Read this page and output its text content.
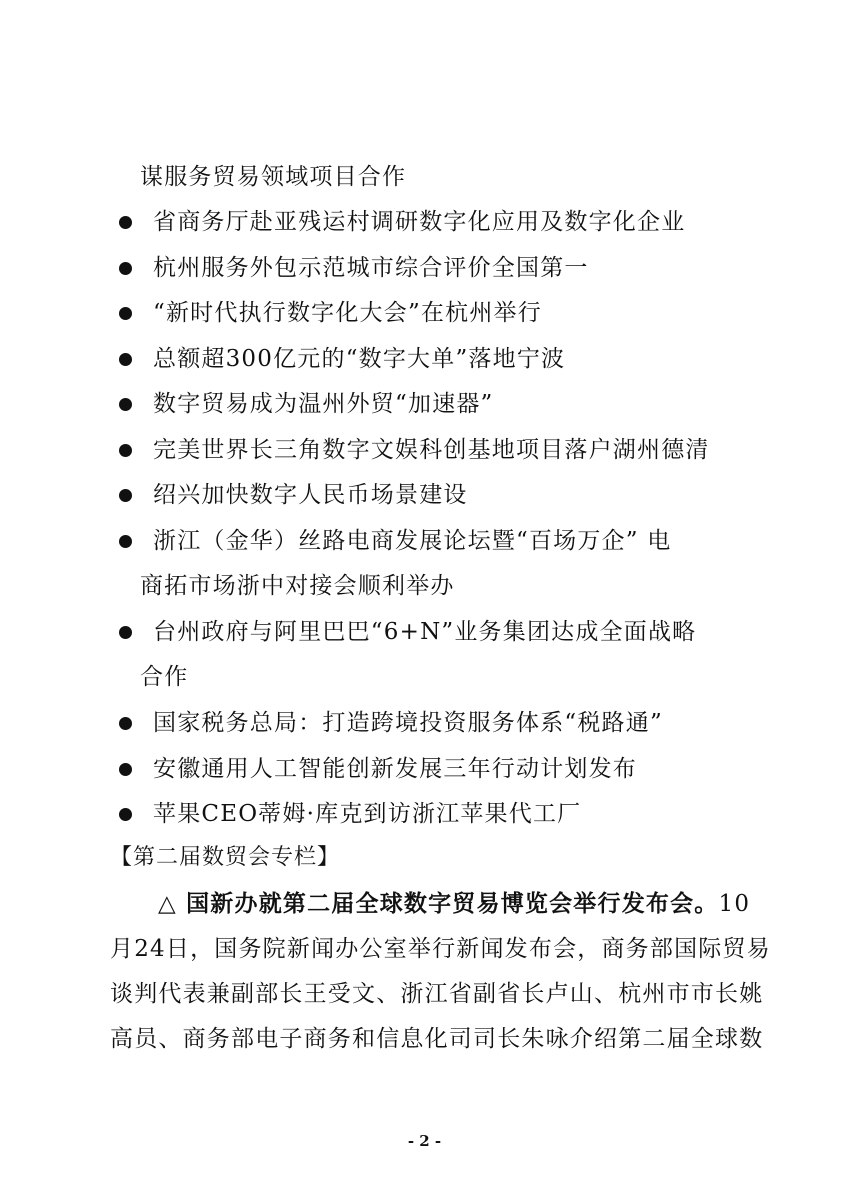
谋服务贸易领域项目合作
省商务厅赴亚残运村调研数字化应用及数字化企业
杭州服务外包示范城市综合评价全国第一
“新时代执行数字化大会”在杭州举行
总额超300亿元的“数字大单”落地宁波
数字贸易成为温州外贸“加速器”
完美世界长三角数字文娱科创基地项目落户湖州德清
绍兴加快数字人民币场景建设
浙江（金华）丝路电商发展论坛暨“百场万企” 电
商拓市场浙中对接会顺利举办
台州政府与阿里巴巴“6+N”业务集团达成全面战略
合作
国家税务总局：打造跨境投资服务体系“税路通”
安徽通用人工智能创新发展三年行动计划发布
苹果CEO蒂姆·库克到访浙江苹果代工厂
【第二届数贸会专栏】
△ 国新办就第二届全球数字贸易博览会举行发布会。10
月24日，国务院新闻办公室举行新闻发布会，商务部国际贸易
谈判代表兼副部长王受文、浙江省副省长卢山、杭州市市长姚
高员、商务部电子商务和信息化司司长朱咏介绍第二届全球数
- 2 -
